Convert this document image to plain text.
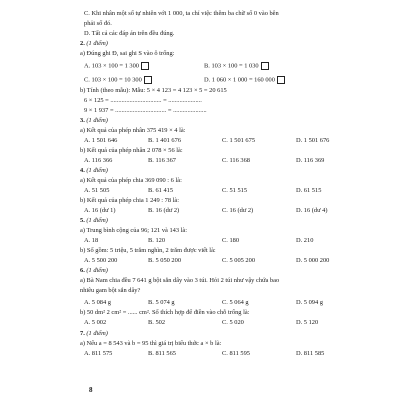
C. Khi nhân một số tự nhiên với 1 000, ta chỉ việc thêm ba chữ số 0 vào bên
phải số đó.
D. Tất cả các đáp án trên đều đúng.
2. (1 điểm)
a) Đúng ghi Đ, sai ghi S vào ô trống:
A. 103 × 100 = 1 300	B. 103 × 100 = 1 030
C. 103 × 100 = 10 300	D. 1 060 × 1 000 = 160 000
b) Tính (theo mẫu): Mẫu: 5 × 4 123 = 4 123 × 5 = 20 615
6 × 125 = ................................ = .....................
9 × 1 937 = ................................ = .....................
3. (1 điểm)
a) Kết quả của phép nhân 375 419 × 4 là:
A. 1 501 646	B. 1 401 676	C. 1 501 675	D. 1 501 676
b) Kết quả của phép nhân 2 078 × 56 là:
A. 116 366	B. 116 367	C. 116 368	D. 116 369
4. (1 điểm)
a) Kết quả của phép chia 369 090 : 6 là:
A. 51 505	B. 61 415	C. 51 515	D. 61 515
b) Kết quả của phép chia 1 249 : 78 là:
A. 16 (dư 1)	B. 16 (dư 2)	C. 16 (dư 2)	D. 16 (dư 4)
5. (1 điểm)
a) Trung bình cộng của 96; 121 và 143 là:
A. 18	B. 120	C. 180	D. 210
b) Số gồm: 5 triệu, 5 trăm nghìn, 2 trăm được viết là:
A. 5 500 200	B. 5 050 200	C. 5 005 200	D. 5 000 200
6. (1 điểm)
a) Bà Nam chia đều 7 641 g bột sắn dây vào 3 túi. Hỏi 2 túi như vậy chứa bao
nhiêu gam bột sắn dây?
A. 5 084 g	B. 5 074 g	C. 5 064 g	D. 5 094 g
b) 50 dm² 2 cm² = ...... cm². Số thích hợp để điền vào chỗ trống là:
A. 5 002	B. 502	C. 5 020	D. 5 120
7. (1 điểm)
a) Nếu a = 8 543 và b = 95 thì giá trị biểu thức a × b là:
A. 811 575	B. 811 565	C. 811 595	D. 811 585
8
